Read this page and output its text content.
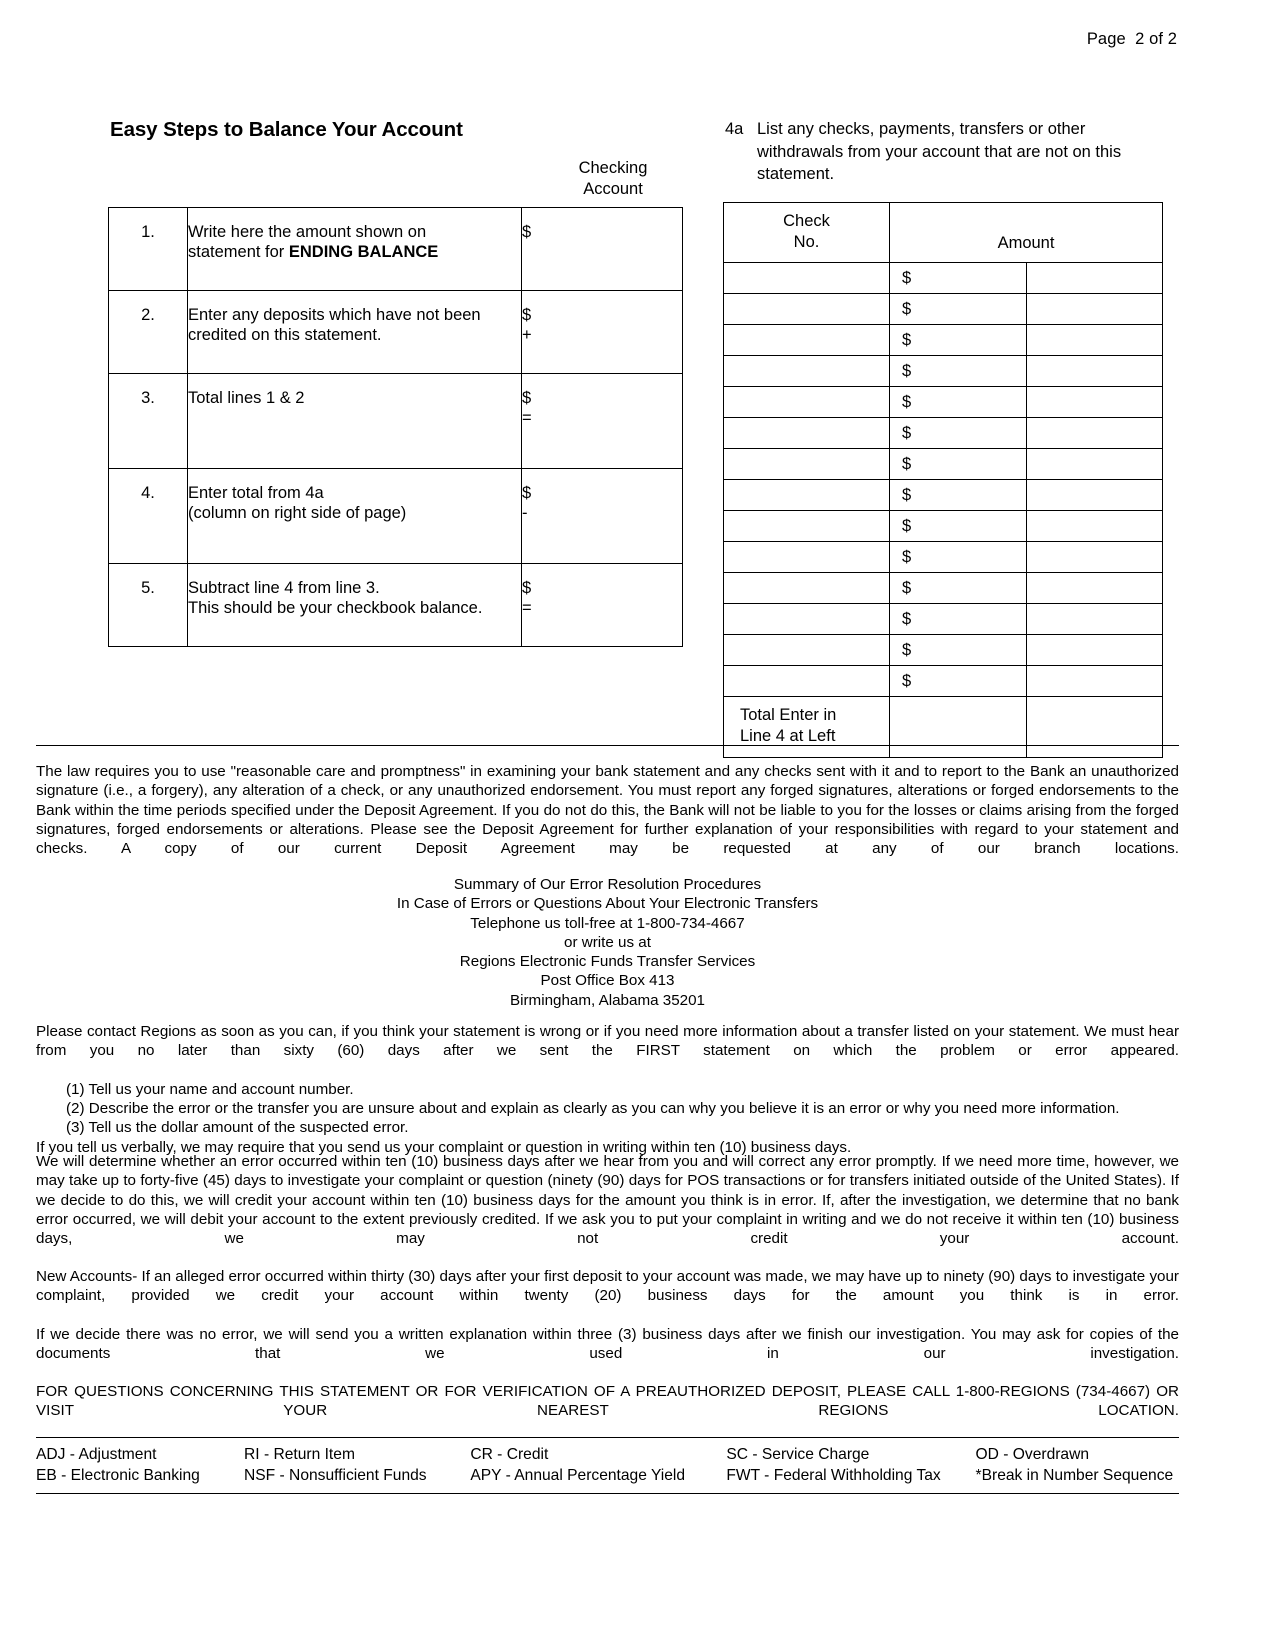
Page  2 of 2
Easy Steps to Balance Your Account
Checking
Account
1.	Write here the amount shown on
statement for ENDING BALANCE	$

2.	Enter any deposits which have not been
credited on this statement.	$
+

3.	Total lines 1 & 2	$
=

4.	Enter total from 4a
(column on right side of page)	$
-

5.	Subtract line 4 from line 3.
This should be your checkbook balance.	$
=
4a List any checks, payments, transfers or other withdrawals from your account that are not on this statement.
Check
No.	Amount	
	$	
	$	
	$	
	$	
	$	
	$	
	$	
	$	
	$	
	$	
	$	
	$	
	$	
	$	
Total Enter in
Line 4 at Left		

The law requires you to use "reasonable care and promptness" in examining your bank statement and any checks sent with it and to report to the Bank an unauthorized signature (i.e., a forgery), any alteration of a check, or any unauthorized endorsement. You must report any forged signatures, alterations or forged endorsements to the Bank within the time periods specified under the Deposit Agreement. If you do not do this, the Bank will not be liable to you for the losses or claims arising from the forged signatures, forged endorsements or alterations. Please see the Deposit Agreement for further explanation of your responsibilities with regard to your statement and checks. A copy of our current Deposit Agreement may be requested at any of our branch locations.

Summary of Our Error Resolution Procedures

In Case of Errors or Questions About Your Electronic Transfers

Telephone us toll-free at 1-800-734-4667

or write us at

Regions Electronic Funds Transfer Services

Post Office Box 413

Birmingham, Alabama 35201

Please contact Regions as soon as you can, if you think your statement is wrong or if you need more information about a transfer listed on your statement. We must hear from you no later than sixty (60) days after we sent the FIRST statement on which the problem or error appeared.

(1) Tell us your name and account number.

(2) Describe the error or the transfer you are unsure about and explain as clearly as you can why you believe it is an error or why you need more information.

(3) Tell us the dollar amount of the suspected error.

If you tell us verbally, we may require that you send us your complaint or question in writing within ten (10) business days.

We will determine whether an error occurred within ten (10) business days after we hear from you and will correct any error promptly. If we need more time, however, we may take up to forty-five (45) days to investigate your complaint or question (ninety (90) days for POS transactions or for transfers initiated outside of the United States). If we decide to do this, we will credit your account within ten (10) business days for the amount you think is in error. If, after the investigation, we determine that no bank error occurred, we will debit your account to the extent previously credited. If we ask you to put your complaint in writing and we do not receive it within ten (10) business days, we may not credit your account.

New Accounts- If an alleged error occurred within thirty (30) days after your first deposit to your account was made, we may have up to ninety (90) days to investigate your complaint, provided we credit your account within twenty (20) business days for the amount you think is in error.

If we decide there was no error, we will send you a written explanation within three (3) business days after we finish our investigation. You may ask for copies of the documents that we used in our investigation.

FOR QUESTIONS CONCERNING THIS STATEMENT OR FOR VERIFICATION OF A PREAUTHORIZED DEPOSIT, PLEASE CALL 1-800-REGIONS (734-4667) OR VISIT YOUR NEAREST REGIONS LOCATION.

ADJ - Adjustment	RI - Return Item	CR - Credit	SC - Service Charge	OD - Overdrawn
EB - Electronic Banking	NSF - Nonsufficient Funds	APY - Annual Percentage Yield	FWT - Federal Withholding Tax	*Break in Number Sequence
